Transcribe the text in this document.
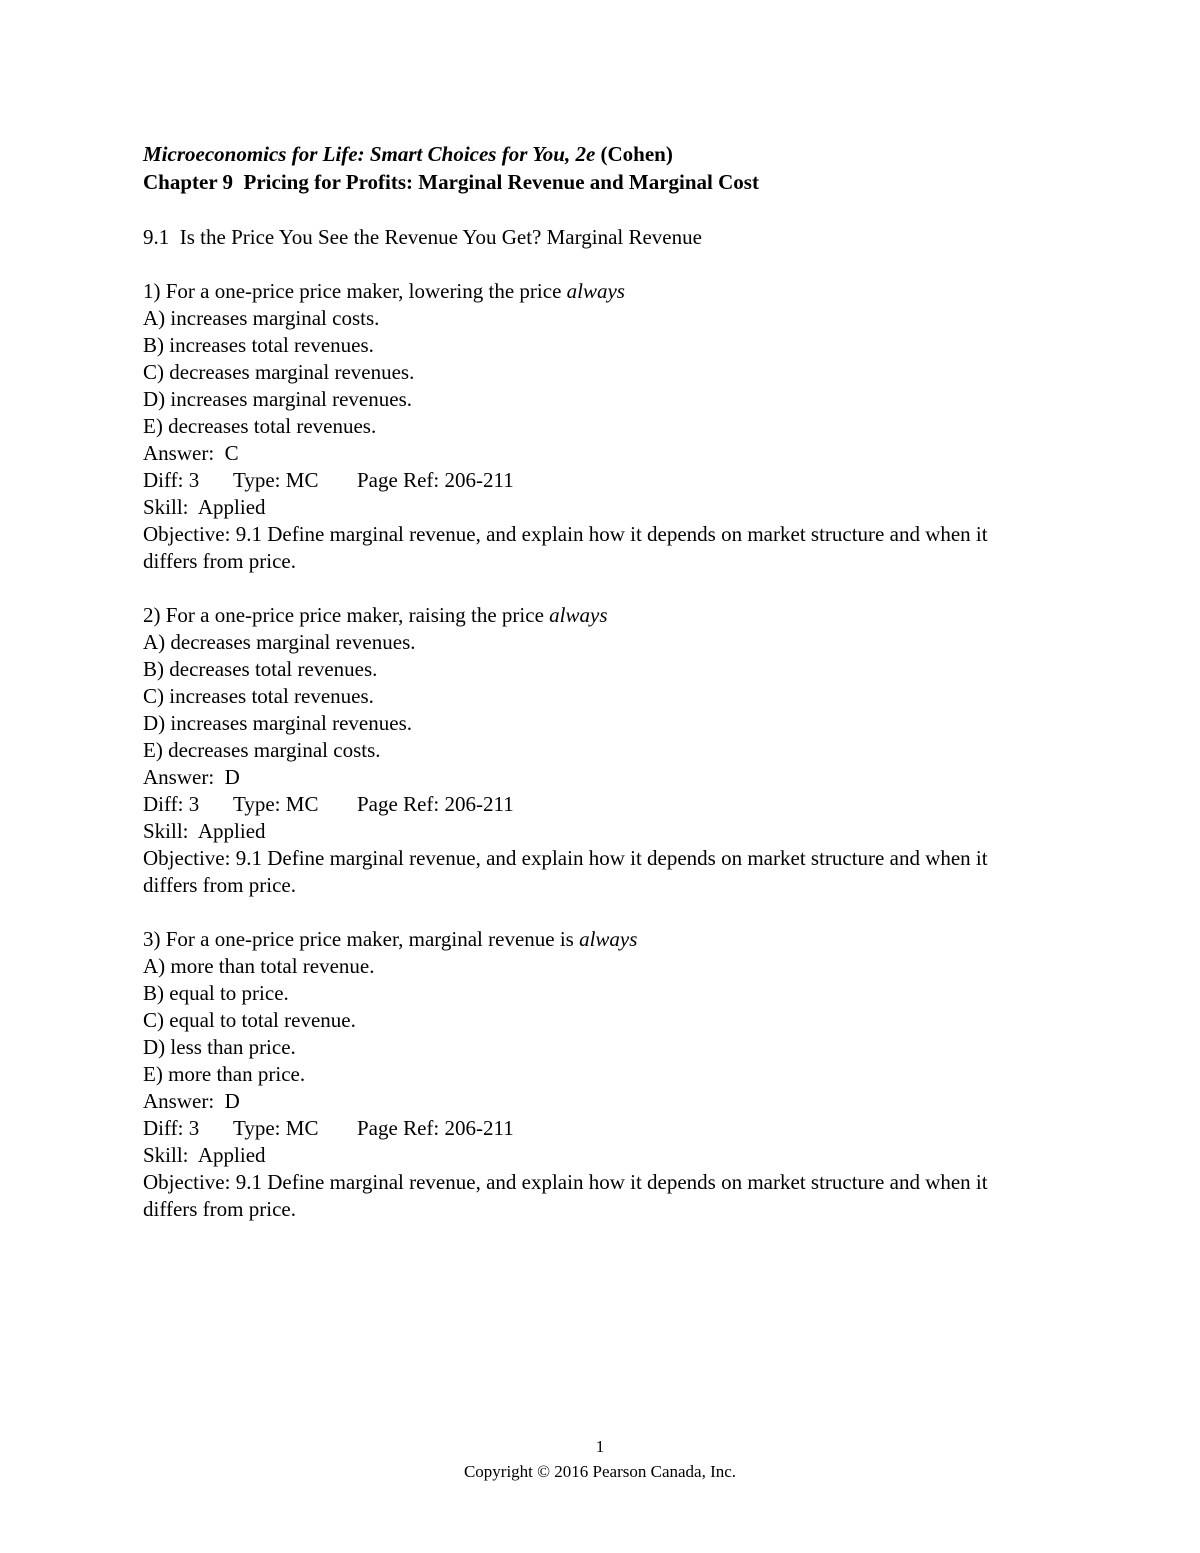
Microeconomics for Life: Smart Choices for You, 2e (Cohen)
Chapter 9  Pricing for Profits: Marginal Revenue and Marginal Cost
9.1  Is the Price You See the Revenue You Get? Marginal Revenue
1) For a one-price price maker, lowering the price always
A) increases marginal costs.
B) increases total revenues.
C) decreases marginal revenues.
D) increases marginal revenues.
E) decreases total revenues.
Answer:  C
Diff: 3 Type: MC Page Ref: 206-211
Skill:  Applied
Objective: 9.1 Define marginal revenue, and explain how it depends on market structure and when it differs from price.
2) For a one-price price maker, raising the price always
A) decreases marginal revenues.
B) decreases total revenues.
C) increases total revenues.
D) increases marginal revenues.
E) decreases marginal costs.
Answer:  D
Diff: 3 Type: MC Page Ref: 206-211
Skill:  Applied
Objective: 9.1 Define marginal revenue, and explain how it depends on market structure and when it differs from price.
3) For a one-price price maker, marginal revenue is always
A) more than total revenue.
B) equal to price.
C) equal to total revenue.
D) less than price.
E) more than price.
Answer:  D
Diff: 3 Type: MC Page Ref: 206-211
Skill:  Applied
Objective: 9.1 Define marginal revenue, and explain how it depends on market structure and when it differs from price.
1
Copyright © 2016 Pearson Canada, Inc.
